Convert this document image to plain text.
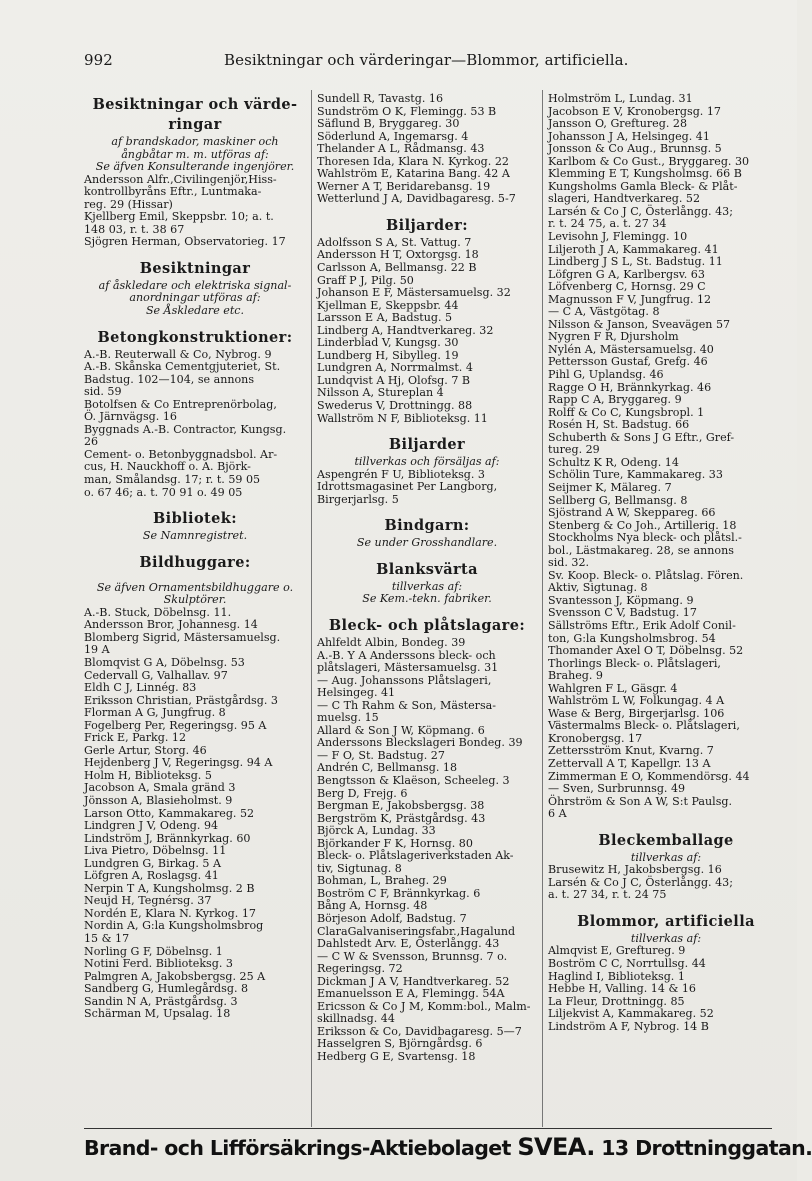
992	Besiktningar och värderingar—Blommor, artificiella.
Besiktningar och värde-
ringar
af brandskador, maskiner och
ångbåtar m. m. utföras af:
Se äfven Konsulterande ingenjörer.
Andersson Alfr.,Civilingenjör,Hiss-
kontrollbyråns Eftr., Luntmaka-
reg. 29 (Hissar)
Kjellberg Emil, Skeppsbr. 10; a. t.
148 03, r. t. 38 67
Sjögren Herman, Observatorieg. 17
Besiktningar
af åskledare och elektriska signal-
anordningar utföras af:
Se Åskledare etc.
Betongkonstruktioner:
A.-B. Reuterwall & Co, Nybrog. 9
A.-B. Skånska Cementgjuteriet, St.
Badstug. 102—104, se annons
sid. 59
Botolfsen & Co Entreprenörbolag,
Ö. Järnvägsg. 16
Byggnads A.-B. Contractor, Kungsg.
26
Cement- o. Betonbyggnadsbol. Ar-
cus, H. Nauckhoff o. A. Björk-
man, Smålandsg. 17; r. t. 59 05
o. 67 46; a. t. 70 91 o. 49 05
Bibliotek:
Se Namnregistret.
Bildhuggare:
Se äfven Ornamentsbildhuggare o.
Skulptörer.
A.-B. Stuck, Döbelnsg. 11.
Andersson Bror, Johannesg. 14
Blomberg Sigrid, Mästersamuelsg.
19 A
Blomqvist G A, Döbelnsg. 53
Cedervall G, Valhallav. 97
Eldh C J, Linnég. 83
Eriksson Christian, Prästgårdsg. 3
Florman A G, Jungfrug. 8
Fogelberg Per, Regeringsg. 95 A
Frick E, Parkg. 12
Gerle Artur, Storg. 46
Hejdenberg J V, Regeringsg. 94 A
Holm H, Biblioteksg. 5
Jacobson A, Smala gränd 3
Jönsson A, Blasieholmst. 9
Larson Otto, Kammakareg. 52
Lindgren J V, Odeng. 94
Lindström J, Brännkyrkag. 60
Liva Pietro, Döbelnsg. 11
Lundgren G, Birkag. 5 A
Löfgren A, Roslagsg. 41
Nerpin T A, Kungsholmsg. 2 B
Neujd H, Tegnérsg. 37
Nordén E, Klara N. Kyrkog. 17
Nordin A, G:la Kungsholmsbrog
15 & 17
Norling G F, Döbelnsg. 1
Notini Ferd. Biblioteksg. 3
Palmgren A, Jakobsbergsg. 25 A
Sandberg G, Humlegårdsg. 8
Sandin N A, Prästgårdsg. 3
Schärman M, Upsalag. 18
Sundell R, Tavastg. 16
Sundström O K, Flemingg. 53 B
Säflund B, Bryggareg. 30
Söderlund A, Ingemarsg. 4
Thelander A L, Rådmansg. 43
Thoresen Ida, Klara N. Kyrkog. 22
Wahlström E, Katarina Bang. 42 A
Werner A T, Beridarebansg. 19
Wetterlund J A, Davidbagaresg. 5-7
Biljarder:
Adolfsson S A, St. Vattug. 7
Andersson H T, Oxtorgsg. 18
Carlsson A, Bellmansg. 22 B
Graff P J, Pilg. 50
Johanson E F, Mästersamuelsg. 32
Kjellman E, Skeppsbr. 44
Larsson E A, Badstug. 5
Lindberg A, Handtverkareg. 32
Linderblad V, Kungsg. 30
Lundberg H, Sibylleg. 19
Lundgren A, Norrmalmst. 4
Lundqvist A Hj, Olofsg. 7 B
Nilsson A, Stureplan 4
Swederus V, Drottningg. 88
Wallström N F, Biblioteksg. 11
Biljarder
tillverkas och försäljas af:
Aspengrén F U, Biblioteksg. 3
Idrottsmagasinet Per Langborg,
Birgerjarlsg. 5
Bindgarn:
Se under Grosshandlare.
Blanksvärta
tillverkas af:
Se Kem.-tekn. fabriker.
Bleck- och plåtslagare:
Ahlfeldt Albin, Bondeg. 39
A.-B. Y A Anderssons bleck- och
plåtslageri, Mästersamuelsg. 31
— Aug. Johanssons Plåtslageri,
Helsingeg. 41
— C Th Rahm & Son, Mästersa-
muelsg. 15
Allard & Son J W, Köpmang. 6
Anderssons Bleckslageri Bondeg. 39
— F O, St. Badstug. 27
Andrén C, Bellmansg. 18
Bengtsson & Klaëson, Scheeleg. 3
Berg D, Frejg. 6
Bergman E, Jakobsbergsg. 38
Bergström K, Prästgårdsg. 43
Björck A, Lundag. 33
Björkander F K, Hornsg. 80
Bleck- o. Plåtslageriverkstaden Ak-
tiv, Sigtunag. 8
Bohman, L, Braheg. 29
Boström C F, Brännkyrkag. 6
Bång A, Hornsg. 48
Börjeson Adolf, Badstug. 7
ClaraGalvaniseringsfabr.,Hagalund
Dahlstedt Arv. E, Österlångg. 43
— C W & Svensson, Brunnsg. 7 o.
Regeringsg. 72
Dickman J A V, Handtverkareg. 52
Emanuelsson E A, Flemingg. 54A
Ericsson & Co J M, Komm:bol., Malm-
skillnadsg. 44
Eriksson & Co, Davidbagaresg. 5—7
Hasselgren S, Björngårdsg. 6
Hedberg G E, Svartensg. 18
Holmström L, Lundag. 31
Jacobson E V, Kronobergsg. 17
Jansson O, Greftureg. 28
Johansson J A, Helsingeg. 41
Jonsson & Co Aug., Brunnsg. 5
Karlbom & Co Gust., Bryggareg. 30
Klemming E T, Kungsholmsg. 66 B
Kungsholms Gamla Bleck- & Plåt-
slageri, Handtverkareg. 52
Larsén & Co J C, Österlångg. 43;
r. t. 24 75, a. t. 27 34
Levisohn J, Flemingg. 10
Liljeroth J A, Kammakareg. 41
Lindberg J S L, St. Badstug. 11
Löfgren G A, Karlbergsv. 63
Löfvenberg C, Hornsg. 29 C
Magnusson F V, Jungfrug. 12
— C A, Västgötag. 8
Nilsson & Janson, Sveavägen 57
Nygren F R, Djursholm
Nylén A, Mästersamuelsg. 40
Pettersson Gustaf, Grefg. 46
Pihl G, Uplandsg. 46
Ragge O H, Brännkyrkag. 46
Rapp C A, Bryggareg. 9
Rolff & Co C, Kungsbropl. 1
Rosén H, St. Badstug. 66
Schuberth & Sons J G Eftr., Gref-
tureg. 29
Schultz K R, Odeng. 14
Schölin Ture, Kammakareg. 33
Seijmer K, Mälareg. 7
Sellberg G, Bellmansg. 8
Sjöstrand A W, Skeppareg. 66
Stenberg & Co Joh., Artillerig. 18
Stockholms Nya bleck- och plåtsl.-
bol., Lästmakareg. 28, se annons
sid. 32.
Sv. Koop. Bleck- o. Plåtslag. Fören.
Aktiv, Sigtunag. 8
Svantesson J, Köpmang. 9
Svensson C V, Badstug. 17
Sällströms Eftr., Erik Adolf Conil-
ton, G:la Kungsholmsbrog. 54
Thomander Axel O T, Döbelnsg. 52
Thorlings Bleck- o. Plåtslageri,
Braheg. 9
Wahlgren F L, Gäsgr. 4
Wahlström L W, Folkungag. 4 A
Wase & Berg, Birgerjarlsg. 106
Västermalms Bleck- o. Plåtslageri,
Kronobergsg. 17
Zettersström Knut, Kvarng. 7
Zettervall A T, Kapellgr. 13 A
Zimmerman E O, Kommendörsg. 44
— Sven, Surbrunnsg. 49
Öhrström & Son A W, S:t Paulsg.
6 A
Bleckemballage
tillverkas af:
Brusewitz H, Jakobsbergsg. 16
Larsén & Co J C, Österlångg. 43;
a. t. 27 34, r. t. 24 75
Blommor, artificiella
tillverkas af:
Almqvist E, Greftureg. 9
Boström C C, Norrtullsg. 44
Haglind I, Biblioteksg. 1
Hebbe H, Valling. 14 & 16
La Fleur, Drottningg. 85
Liljekvist A, Kammakareg. 52
Lindström A F, Nybrog. 14 B
Brand- och Lifförsäkrings-Aktiebolaget SVEA. 13 Drottninggatan.
